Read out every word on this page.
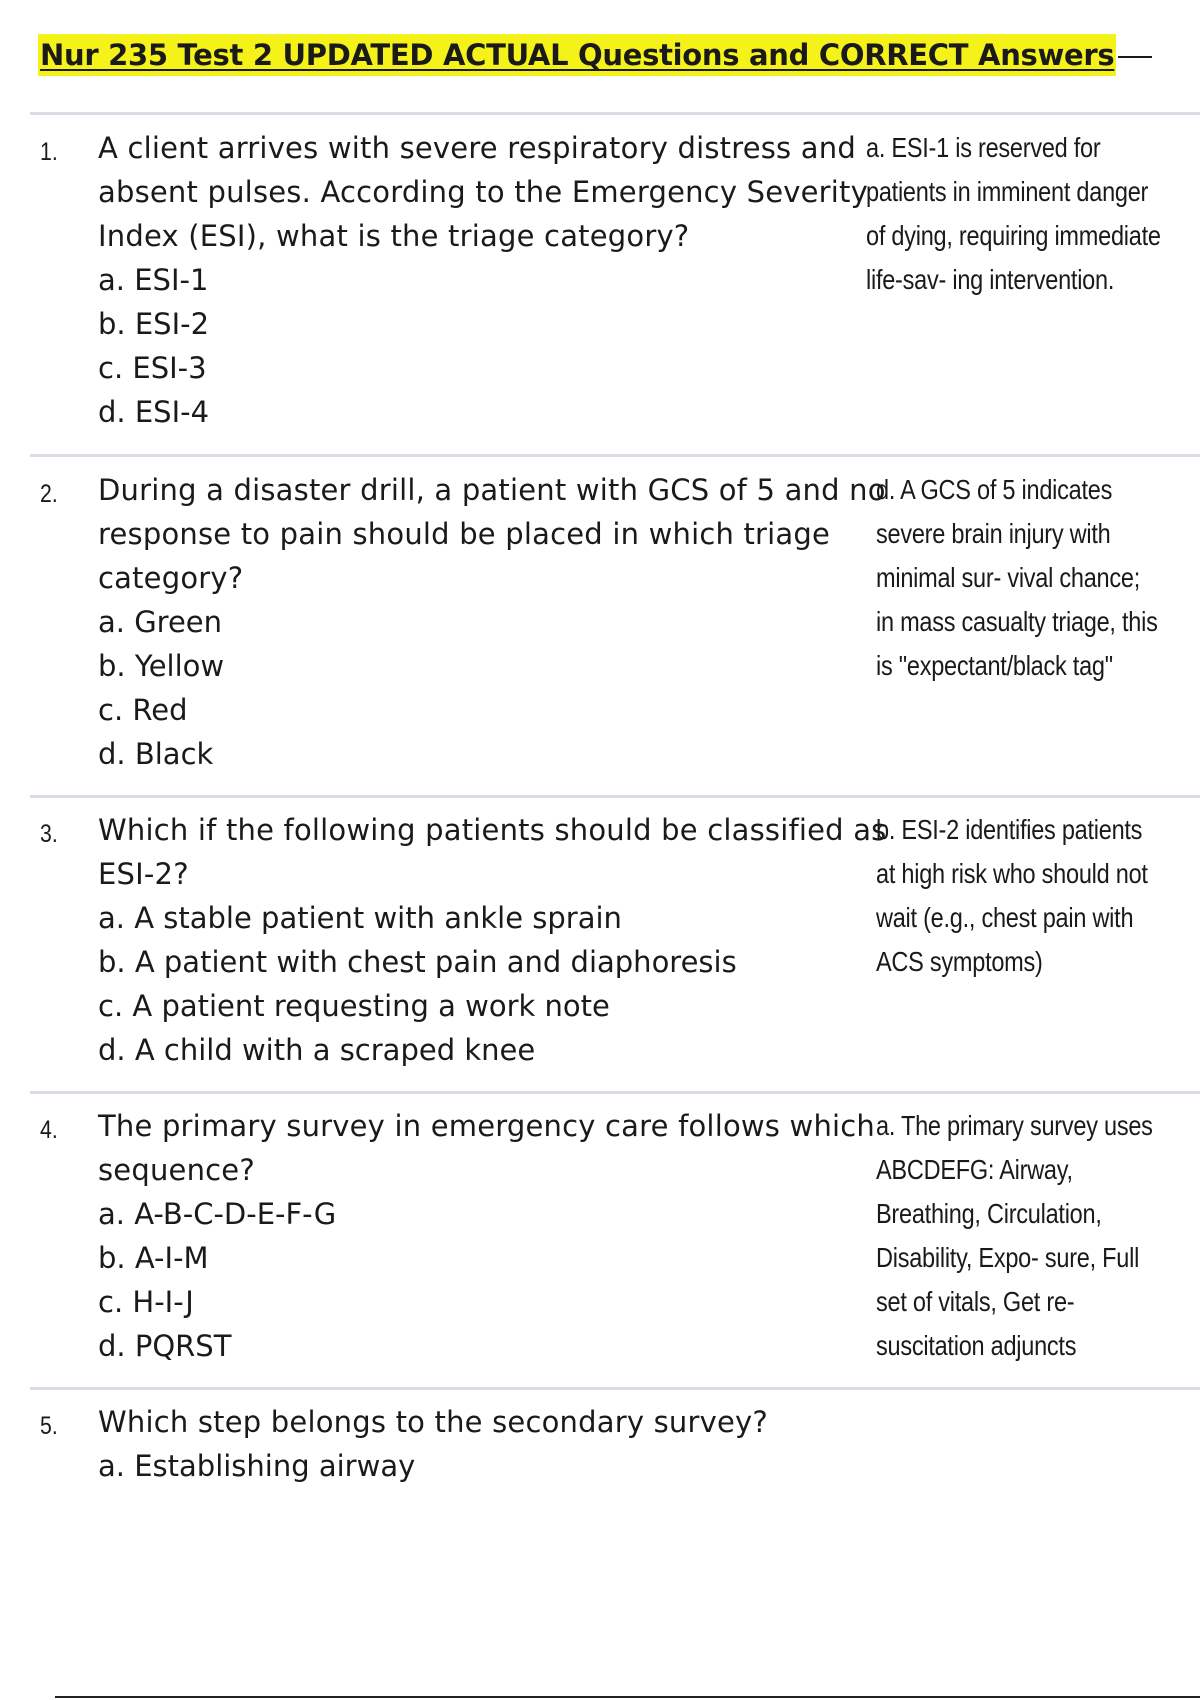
Nur 235 Test 2 UPDATED ACTUAL Questions and CORRECT Answers
1. A client arrives with severe respiratory distress and absent pulses. According to the Emergency Severity Index (ESI), what is the triage category?
a. ESI-1
b. ESI-2
c. ESI-3
d. ESI-4
a. ESI-1 is reserved for patients in imminent danger of dying, requiring immediate life-sav- ing intervention.
2. During a disaster drill, a patient with GCS of 5 and no response to pain should be placed in which triage category?
a. Green
b. Yellow
c. Red
d. Black
d. A GCS of 5 indicates severe brain injury with minimal sur- vival chance; in mass casualty triage, this is "expectant/black tag"
3. Which if the following patients should be classified as ESI-2?
a. A stable patient with ankle sprain
b. A patient with chest pain and diaphoresis
c. A patient requesting a work note
d. A child with a scraped knee
b. ESI-2 identifies patients at high risk who should not wait (e.g., chest pain with ACS symptoms)
4. The primary survey in emergency care follows which sequence?
a. A-B-C-D-E-F-G
b. A-I-M
c. H-I-J
d. PQRST
a. The primary survey uses ABCDEFG: Airway, Breathing, Circulation, Disability, Expo- sure, Full set of vitals, Get re- suscitation adjuncts
5. Which step belongs to the secondary survey?
a. Establishing airway
